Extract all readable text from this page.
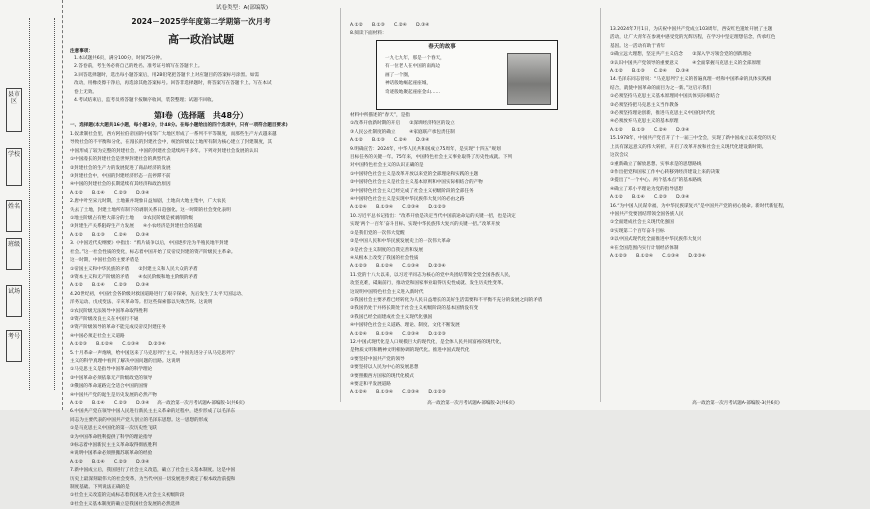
县市区
学校
姓名
班级
试场
考号
试卷类型：A(部编版)
2024－2025学年度第二学期第一次月考
高一政治试题
注意事项：
1.本试题共6页，满分100分，时间75分钟。
2.答卷前，考生务必将自己的姓名、准考证号填写在答题卡上。
3.回答选择题时，选出每小题答案后，用2B铅笔把答题卡上对应题目的答案标号涂黑。如需
改动，用橡皮擦干净后，再选涂其他答案标号。回答非选择题时，将答案写在答题卡上。写在本试
卷上无效。
4.考试结束后，监考员将答题卡按顺序收回，装袋整理；试题不回收。
第Ⅰ卷（选择题　共48分）
一、选择题(本大题共16小题，每小题3分，计48分。在每小题给出的四个选项中，只有一项符合题目要求)
1.奴隶制社会里，西方阿拉伯帝国的中国等广大地区形成了一系列不平等制度，而那些生产方式越来越
导致社会的不平衡和分化，在漫长的封建社会中，统治阶级以土地所有制为核心建立了封建制度，其
中国形成了较为完整的封建社会，中国的封建社会延续两千多年。下列对封建社会发展的认识
①中国漫长的封建社会是世界封建社会的典型代表
②封建社会的生产力的发展促进了商品经济的发展
③封建社会中，中国的封建经济形态一直停滞不前
④中国的封建社会的长期延续有其经济和政治原因
A.①②　　B.①④　　C.②③　　D.③④
2.唐中叶至宋元时期，土地兼并现象日益加剧，土地向大地主集中，广大农民
失去了土地，封建土地所有制下的剥削关系日趋强化。这一时期的社会变化表明
①地主阶级占有绝大部分的土地　　②农民阶级是被剥削阶级
③封建生产关系阻碍生产力发展　　④小农经济是封建社会的基础
A.①②　　B.①③　　C.②④　　D.③④
3.《中国近代史纲要》中指出：“鸦片战争以后，中国逐步沦为半殖民地半封建
社会。”这一社会性质的变化，标志着中国开始了反帝反封建的资产阶级民主革命。
这一时期，中国社会的主要矛盾是
①帝国主义和中华民族的矛盾　　②封建主义和人民大众的矛盾
③资本主义和无产阶级的矛盾　　④农民阶级和地主阶级的矛盾
A.①②　　B.①④　　C.②③　　D.③④
4.20世纪初，中国社会各阶级对救国道路进行了艰辛探索，先后发生了太平天国运动、
洋务运动、戊戌变法、辛亥革命等。但这些探索都以失败告终。这说明
①农民阶级无法领导中国革命取得胜利
②资产阶级改良主义在中国行不通
③资产阶级领导的革命不能完成反帝反封建任务
④中国必须走社会主义道路
A.①②③　　B.①②④　　C.①③④　　D.②③④
5.十月革命一声炮响，给中国送来了马克思列宁主义。中国先进分子从马克思列宁
主义的科学真理中看到了解决中国问题的出路。这说明
①马克思主义是指导中国革命的科学理论
②中国革命必须依靠无产阶级政党的领导
③俄国的革命道路完全适合中国的国情
④中国共产党的诞生是历史发展的必然产物
A.①②　　B.①④　　C.②③　　D.③④
6.中国共产党在领导中国人民进行新民主主义革命的过程中，逐步形成了以毛泽东
同志为主要代表的中国共产党人创立的毛泽东思想。这一思想的形成
①是马克思主义中国化的第一次历史性飞跃
②为中国革命胜利提供了科学的理论指导
③标志着中国新民主主义革命取得彻底胜利
④说明中国革命必须照搬苏联革命的经验
A.①②　　B.①④　　C.②③　　D.③④
7.新中国成立后，我国进行了社会主义改造，确立了社会主义基本制度。这是中国
历史上最深刻最伟大的社会变革，为当代中国一切发展进步奠定了根本政治前提和
制度基础。下列说法正确的是
①社会主义改造的完成标志着我国进入社会主义初级阶段
②社会主义基本制度的确立是我国社会发展的必然选择
高一政治第一次月考试题A-部编版-1(共6页)
A.①②　　B.①③　　C.②④　　D.③④
8.阅读下面材料：
春天的故事
一九七九年，那是一个春天，
有一位老人在中国的南海边
画了一个圈，
神话般地崛起座座城，
奇迹般地聚起座座金山……
材料中所描述的“春天”，是指
①改革开放新时期的开启　　②深圳经济特区的设立
③人民公社制度的确立　　　④家庭联产承包责任制
A.①②　　B.①③　　C.②④　　D.③④
9.明确宣告：2024年，中华人民共和国成立75周年，是实现“十四五”规划
目标任务的关键一年。75年来，中国特色社会主义事业取得了历史性成就。下列
对中国特色社会主义的认识正确的是
①中国特色社会主义是改革开放以来党的全部理论和实践的主题
②中国特色社会主义是社会主义基本原则和中国实际相结合的产物
③中国特色社会主义已经完成了社会主义初级阶段的全部任务
④中国特色社会主义是实现中华民族伟大复兴的必由之路
A.①②④　　B.①③④　　C.②③④　　D.①②③
10.习近平总书记指出：“改革开放是决定当代中国前途命运的关键一招，也是决定
实现‘两个一百年’奋斗目标、实现中华民族伟大复兴的关键一招。”改革开放
①是我们党的一次伟大觉醒
②是中国人民和中华民族发展史上的一次伟大革命
③是社会主义制度的自我完善和发展
④从根本上改变了我国的社会性质
A.①②③　　B.①②④　　C.①③④　　D.②③④
11.党的十八大以来，以习近平同志为核心的党中央团结带领全党全国各族人民，
攻坚克难，砥砺前行，推动党和国家事业取得历史性成就、发生历史性变革。
这说明中国特色社会主义进入新时代
①我国社会主要矛盾已经转化为人民日益增长的美好生活需要和不平衡不充分的发展之间的矛盾
②我国仍处于并将长期处于社会主义初级阶段的基本国情没有变
③我国已经全面建成社会主义现代化强国
④中国特色社会主义道路、理论、制度、文化不断发展
A.①②④　　B.①③④　　C.②③④　　D.①②③
12.中国式现代化是人口规模巨大的现代化，是全体人民共同富裕的现代化，
是物质文明和精神文明相协调的现代化。推进中国式现代化
①要坚持中国共产党的领导
②要坚持以人民为中心的发展思想
③要照搬西方国家的现代化模式
④要走和平发展道路
A.①②④　　B.①③④　　C.②③④　　D.①②③
高一政治第一次月考试题A-部编版-2(共6页)
13.2024年7月1日，为庆祝中国共产党成立103周年，西安红色遗址开展了主题
活动，让广大青年在参观中感受党的光辉历程，在学习中坚定理想信念，传承红色
基因。这一活动有助于青年
①确立远大理想，坚定共产主义信念　　②深入学习领会党的创新理论
③认识中国共产党领导的重要意义　　　④全面掌握马克思主义的全部原理
A.①②　　B.①③　　C.②④　　D.③④
14.毛泽东同志曾说：“马克思列宁主义的普遍真理一经和中国革命的具体实践相
结合，就使中国革命的面目为之一新。”这启示我们
①必须坚持马克思主义基本原理同中国具体实际相结合
②必须坚持把马克思主义当作教条
③必须坚持理论创新，推进马克思主义中国化时代化
④必须放弃马克思主义的基本原理
A.①②　　B.①③　　C.②④　　D.③④
15.1978年，中国共产党召开了十一届三中全会，实现了新中国成立以来党的历史
上具有深远意义的伟大转折，开启了改革开放和社会主义现代化建设新时期。
这次会议
①重新确立了解放思想、实事求是的思想路线
②作出把党和国家工作中心转移到经济建设上来的决策
③提出了“一个中心、两个基本点”的基本路线
④确立了邓小平理论为党的指导思想
A.①②　　B.①④　　C.②③　　D.③④
16.“为中国人民谋幸福，为中华民族谋复兴”是中国共产党的初心使命。新时代新征程，
中国共产党要团结带领全国各族人民
①全面建成社会主义现代化强国
②实现第二个百年奋斗目标
③以中国式现代化全面推进中华民族伟大复兴
④在全国范围内实行计划经济体制
A.①②③　　B.①②④　　C.①③④　　D.②③④
高一政治第一次月考试题A-部编版-3(共6页)
